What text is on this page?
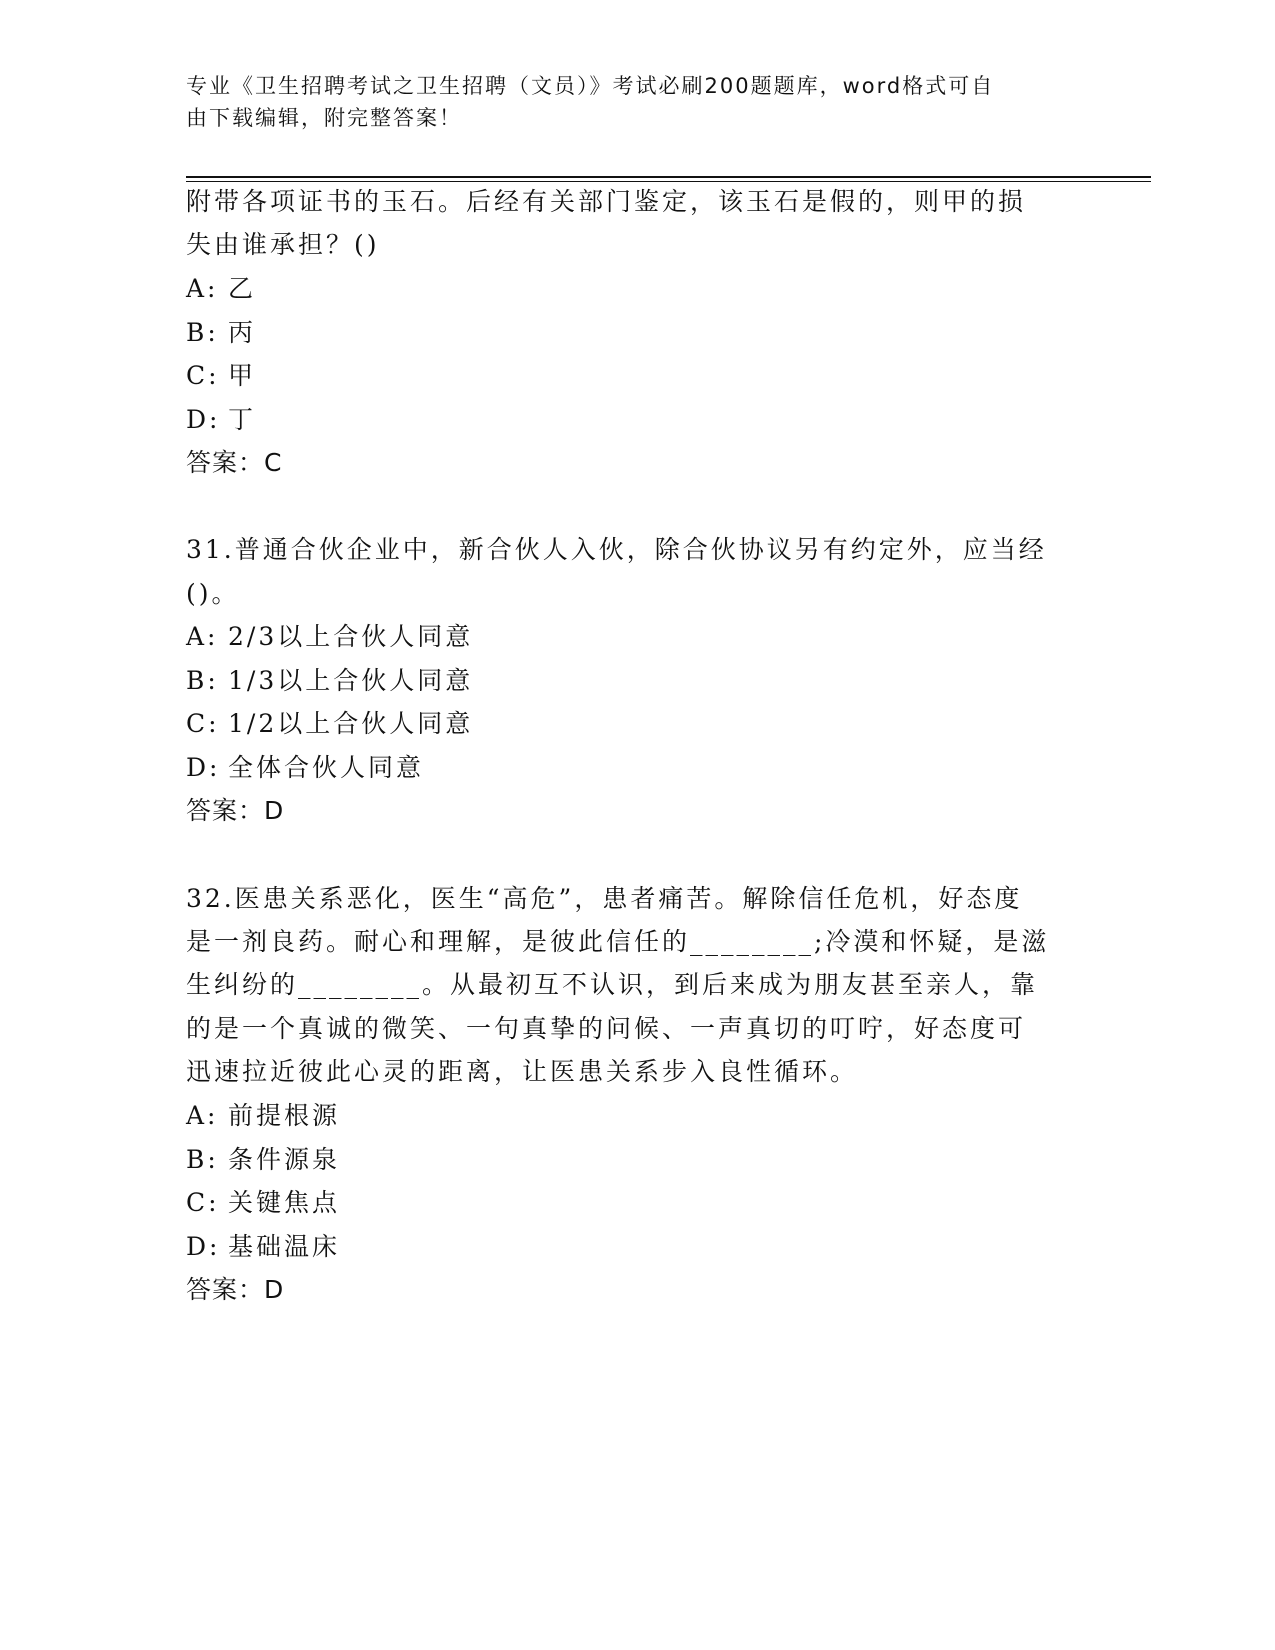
专业《卫生招聘考试之卫生招聘（文员）》考试必刷200题题库，word格式可自
由下载编辑，附完整答案！
附带各项证书的玉石。后经有关部门鉴定，该玉石是假的，则甲的损
失由谁承担？()
A: 乙
B: 丙
C: 甲
D: 丁
答案：C
31.普通合伙企业中，新合伙人入伙，除合伙协议另有约定外，应当经
()。
A: 2/3以上合伙人同意
B: 1/3以上合伙人同意
C: 1/2以上合伙人同意
D: 全体合伙人同意
答案：D
32.医患关系恶化，医生“高危”，患者痛苦。解除信任危机，好态度
是一剂良药。耐心和理解，是彼此信任的________;冷漠和怀疑，是滋
生纠纷的________。从最初互不认识，到后来成为朋友甚至亲人，靠
的是一个真诚的微笑、一句真挚的问候、一声真切的叮咛，好态度可
迅速拉近彼此心灵的距离，让医患关系步入良性循环。
A: 前提根源
B: 条件源泉
C: 关键焦点
D: 基础温床
答案：D
